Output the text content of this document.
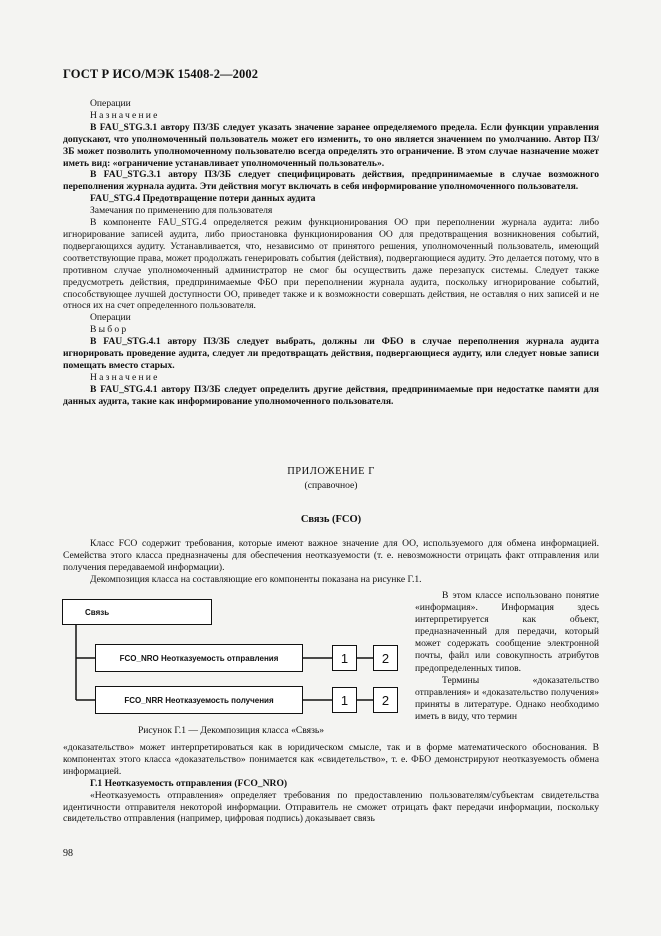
ГОСТ Р ИСО/МЭК 15408-2—2002

Операции

Назначение

В FAU_STG.3.1 автору ПЗ/ЗБ следует указать значение заранее определяемого предела. Если функции управления допускают, что уполномоченный пользователь может его изменить, то оно является значением по умолчанию. Автор ПЗ/ЗБ может позволить уполномоченному пользователю всегда определять это ограничение. В этом случае назначение может иметь вид: «ограничение устанавливает уполномоченный пользователь».

В FAU_STG.3.1 автору ПЗ/ЗБ следует специфицировать действия, предпринимаемые в случае возможного переполнения журнала аудита. Эти действия могут включать в себя информирование уполномоченного пользователя.

FAU_STG.4 Предотвращение потери данных аудита

Замечания по применению для пользователя

В компоненте FAU_STG.4 определяется режим функционирования ОО при переполнении журнала аудита: либо игнорирование записей аудита, либо приостановка функционирования ОО для предотвращения возникновения событий, подвергающихся аудиту. Устанавливается, что, независимо от принятого решения, уполномоченный пользователь, имеющий соответствующие права, может продолжать генерировать события (действия), подвергающиеся аудиту. Это делается потому, что в противном случае уполномоченный администратор не смог бы осуществить даже перезапуск системы. Следует также предусмотреть действия, предпринимаемые ФБО при переполнении журнала аудита, поскольку игнорирование событий, способствующее лучшей доступности ОО, приведет также и к возможности совершать действия, не оставляя о них записей и не относя их на счет определенного пользователя.

Операции

Выбор

В FAU_STG.4.1 автору ПЗ/ЗБ следует выбрать, должны ли ФБО в случае переполнения журнала аудита игнорировать проведение аудита, следует ли предотвращать действия, подвергающиеся аудиту, или следует новые записи помещать вместо старых.

Назначение

В FAU_STG.4.1 автору ПЗ/ЗБ следует определить другие действия, предпринимаемые при недостатке памяти для данных аудита, такие как информирование уполномоченного пользователя.

ПРИЛОЖЕНИЕ Г
(справочное)
Связь (FCO)

Класс FCO содержит требования, которые имеют важное значение для ОО, используемого для обмена информацией. Семейства этого класса предназначены для обеспечения неотказуемости (т. е. невозможности отрицать факт отправления или получения передаваемой информации).

Декомпозиция класса на составляющие его компоненты показана на рисунке Г.1.

Связь
FCO_NRO Неотказуемость отправления	1	2
FCO_NRR Неотказуемость получения	1	2
Рисунок Г.1 — Декомпозиция класса «Связь»

В этом классе использовано понятие «информация». Информация здесь интерпретируется как объект, предназначенный для передачи, который может содержать сообщение электронной почты, файл или совокупность атрибутов предопределенных типов.

Термины «доказательство отправления» и «доказательство получения» приняты в литературе. Однако необходимо иметь в виду, что термин

«доказательство» может интерпретироваться как в юридическом смысле, так и в форме математического обоснования. В компонентах этого класса «доказательство» понимается как «свидетельство», т. е. ФБО демонстрируют неотказуемость обмена информацией.

Г.1 Неотказуемость отправления (FCO_NRO)

«Неотказуемость отправления» определяет требования по предоставлению пользователям/субъектам свидетельства идентичности отправителя некоторой информации. Отправитель не сможет отрицать факт передачи информации, поскольку свидетельство отправления (например, цифровая подпись) доказывает связь

98
